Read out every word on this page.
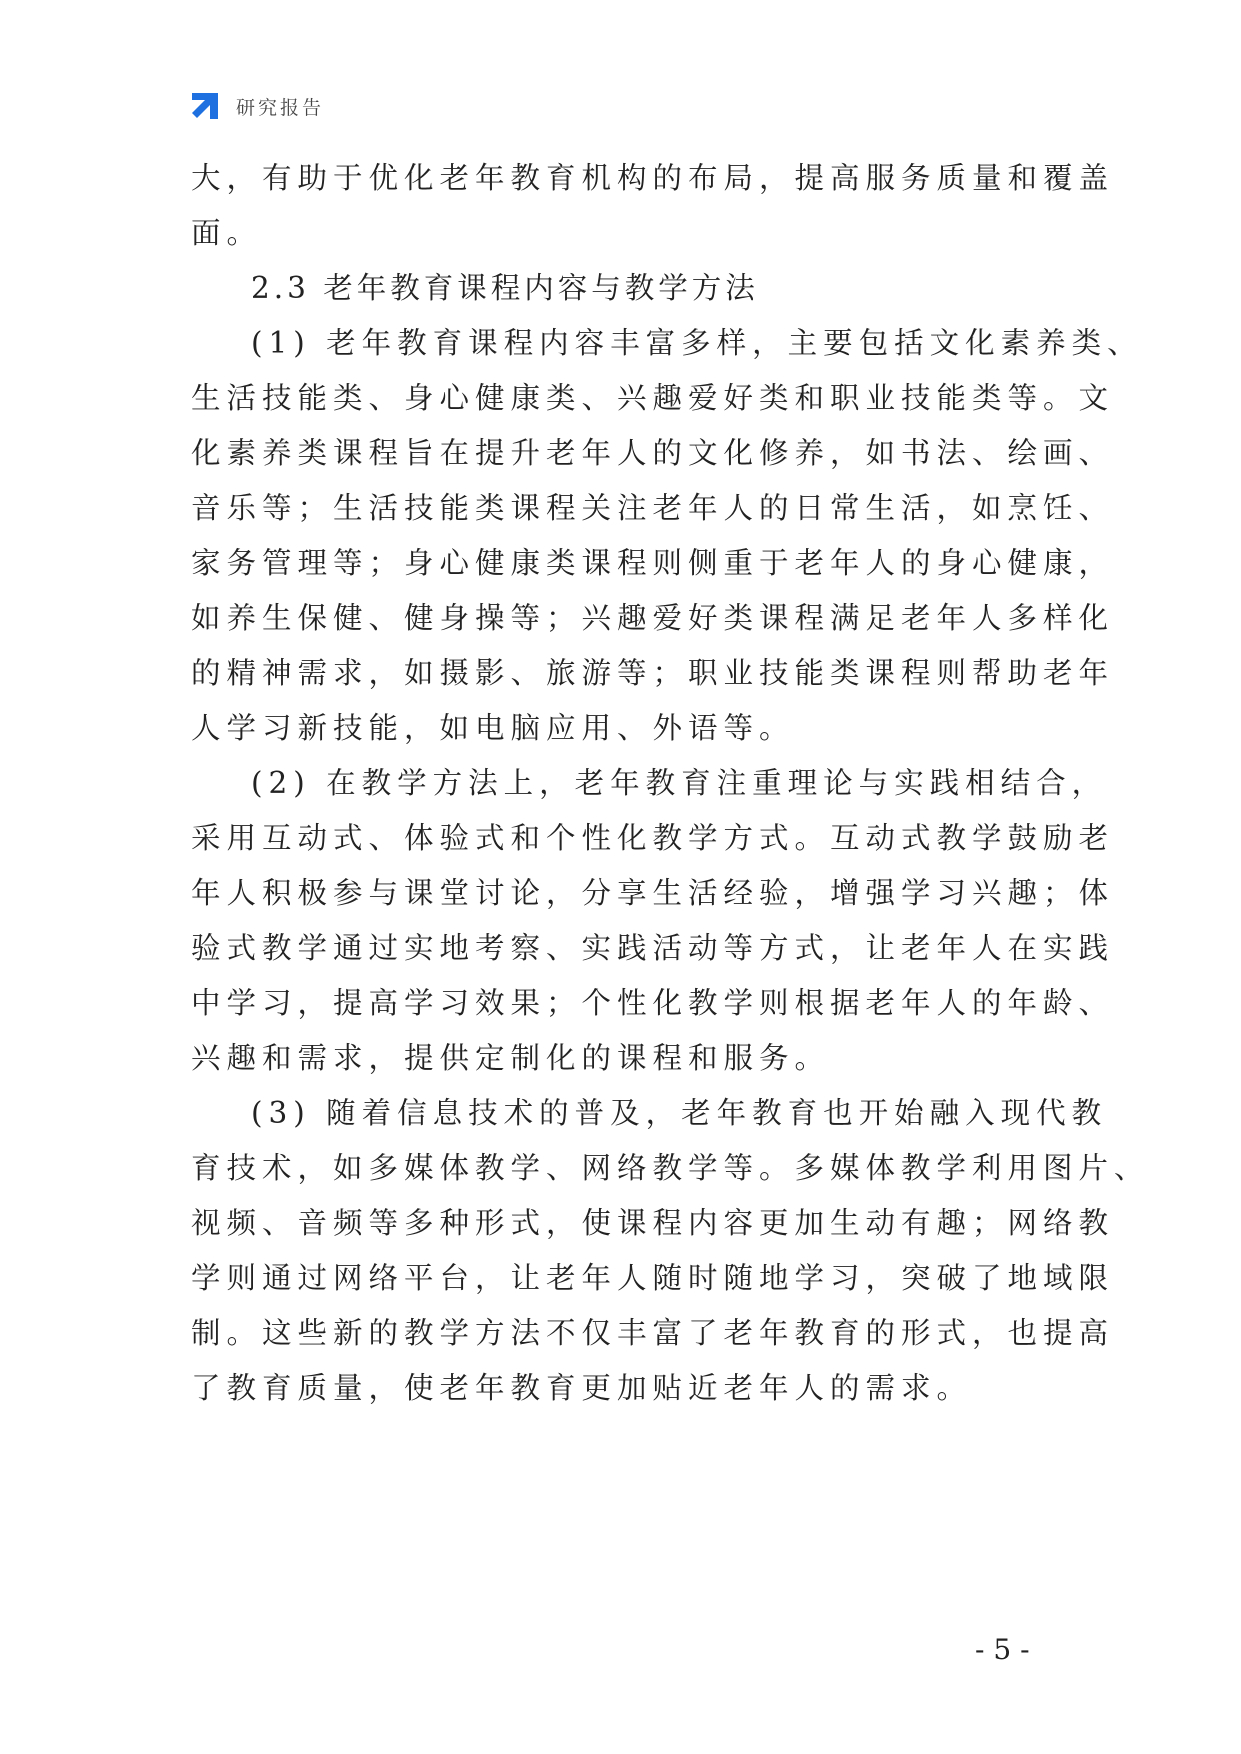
研究报告

大，有助于优化老年教育机构的布局，提高服务质量和覆盖

面。

2.3 老年教育课程内容与教学方法

(1) 老年教育课程内容丰富多样，主要包括文化素养类、

生活技能类、身心健康类、兴趣爱好类和职业技能类等。文

化素养类课程旨在提升老年人的文化修养，如书法、绘画、

音乐等；生活技能类课程关注老年人的日常生活，如烹饪、

家务管理等；身心健康类课程则侧重于老年人的身心健康，

如养生保健、健身操等；兴趣爱好类课程满足老年人多样化

的精神需求，如摄影、旅游等；职业技能类课程则帮助老年

人学习新技能，如电脑应用、外语等。

(2) 在教学方法上，老年教育注重理论与实践相结合，

采用互动式、体验式和个性化教学方式。互动式教学鼓励老

年人积极参与课堂讨论，分享生活经验，增强学习兴趣；体

验式教学通过实地考察、实践活动等方式，让老年人在实践

中学习，提高学习效果；个性化教学则根据老年人的年龄、

兴趣和需求，提供定制化的课程和服务。

(3) 随着信息技术的普及，老年教育也开始融入现代教

育技术，如多媒体教学、网络教学等。多媒体教学利用图片、

视频、音频等多种形式，使课程内容更加生动有趣；网络教

学则通过网络平台，让老年人随时随地学习，突破了地域限

制。这些新的教学方法不仅丰富了老年教育的形式，也提高

了教育质量，使老年教育更加贴近老年人的需求。

- 5 -
